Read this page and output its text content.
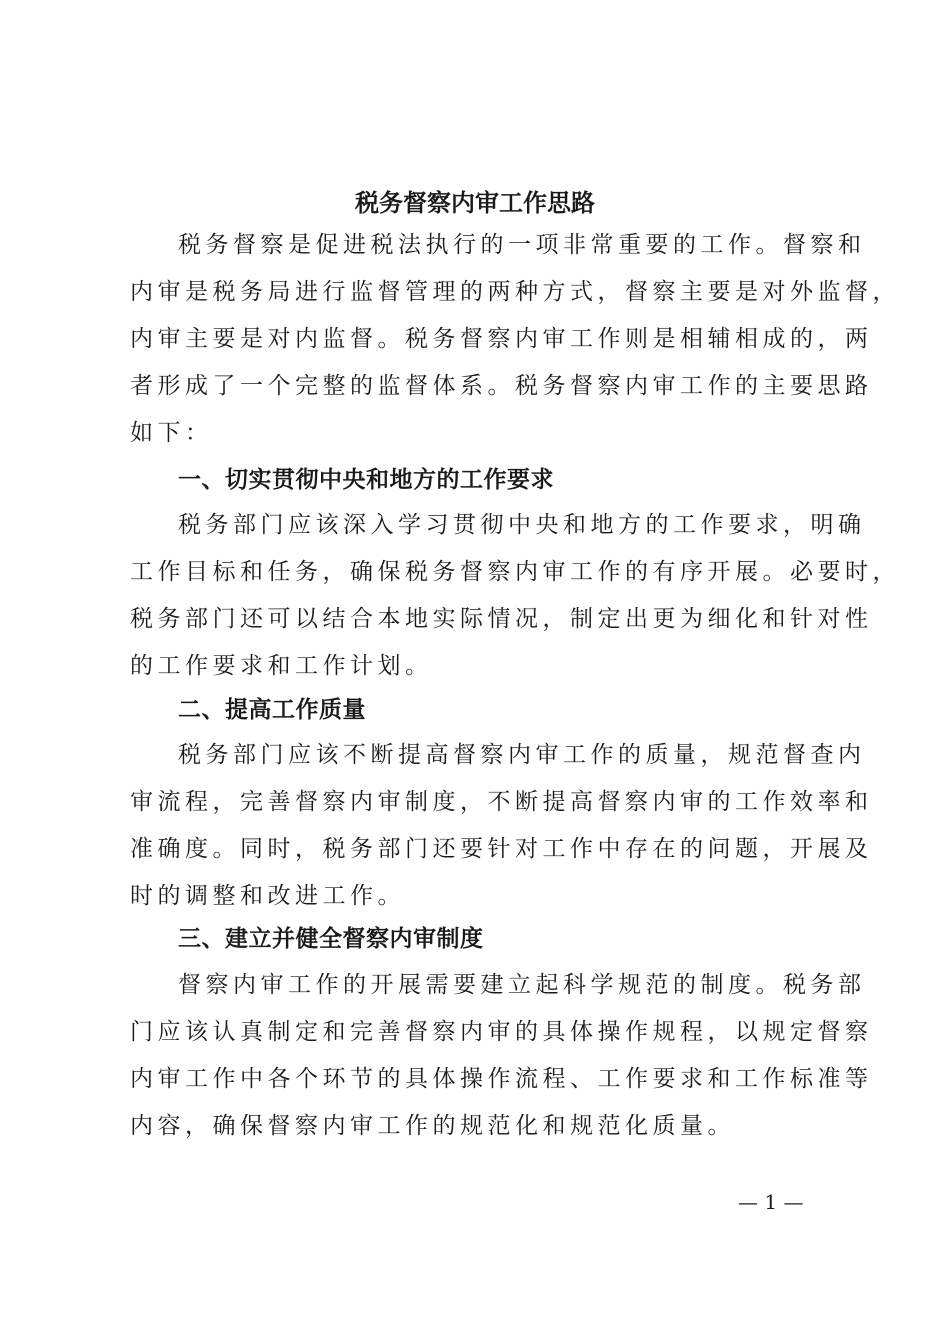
税务督察内审工作思路
税务督察是促进税法执行的一项非常重要的工作。督察和
内审是税务局进行监督管理的两种方式，督察主要是对外监督，
内审主要是对内监督。税务督察内审工作则是相辅相成的，两
者形成了一个完整的监督体系。税务督察内审工作的主要思路
如下：
一、切实贯彻中央和地方的工作要求
税务部门应该深入学习贯彻中央和地方的工作要求，明确
工作目标和任务，确保税务督察内审工作的有序开展。必要时，
税务部门还可以结合本地实际情况，制定出更为细化和针对性
的工作要求和工作计划。
二、提高工作质量
税务部门应该不断提高督察内审工作的质量，规范督查内
审流程，完善督察内审制度，不断提高督察内审的工作效率和
准确度。同时，税务部门还要针对工作中存在的问题，开展及
时的调整和改进工作。
三、建立并健全督察内审制度
督察内审工作的开展需要建立起科学规范的制度。税务部
门应该认真制定和完善督察内审的具体操作规程，以规定督察
内审工作中各个环节的具体操作流程、工作要求和工作标准等
内容，确保督察内审工作的规范化和规范化质量。
— 1 —
